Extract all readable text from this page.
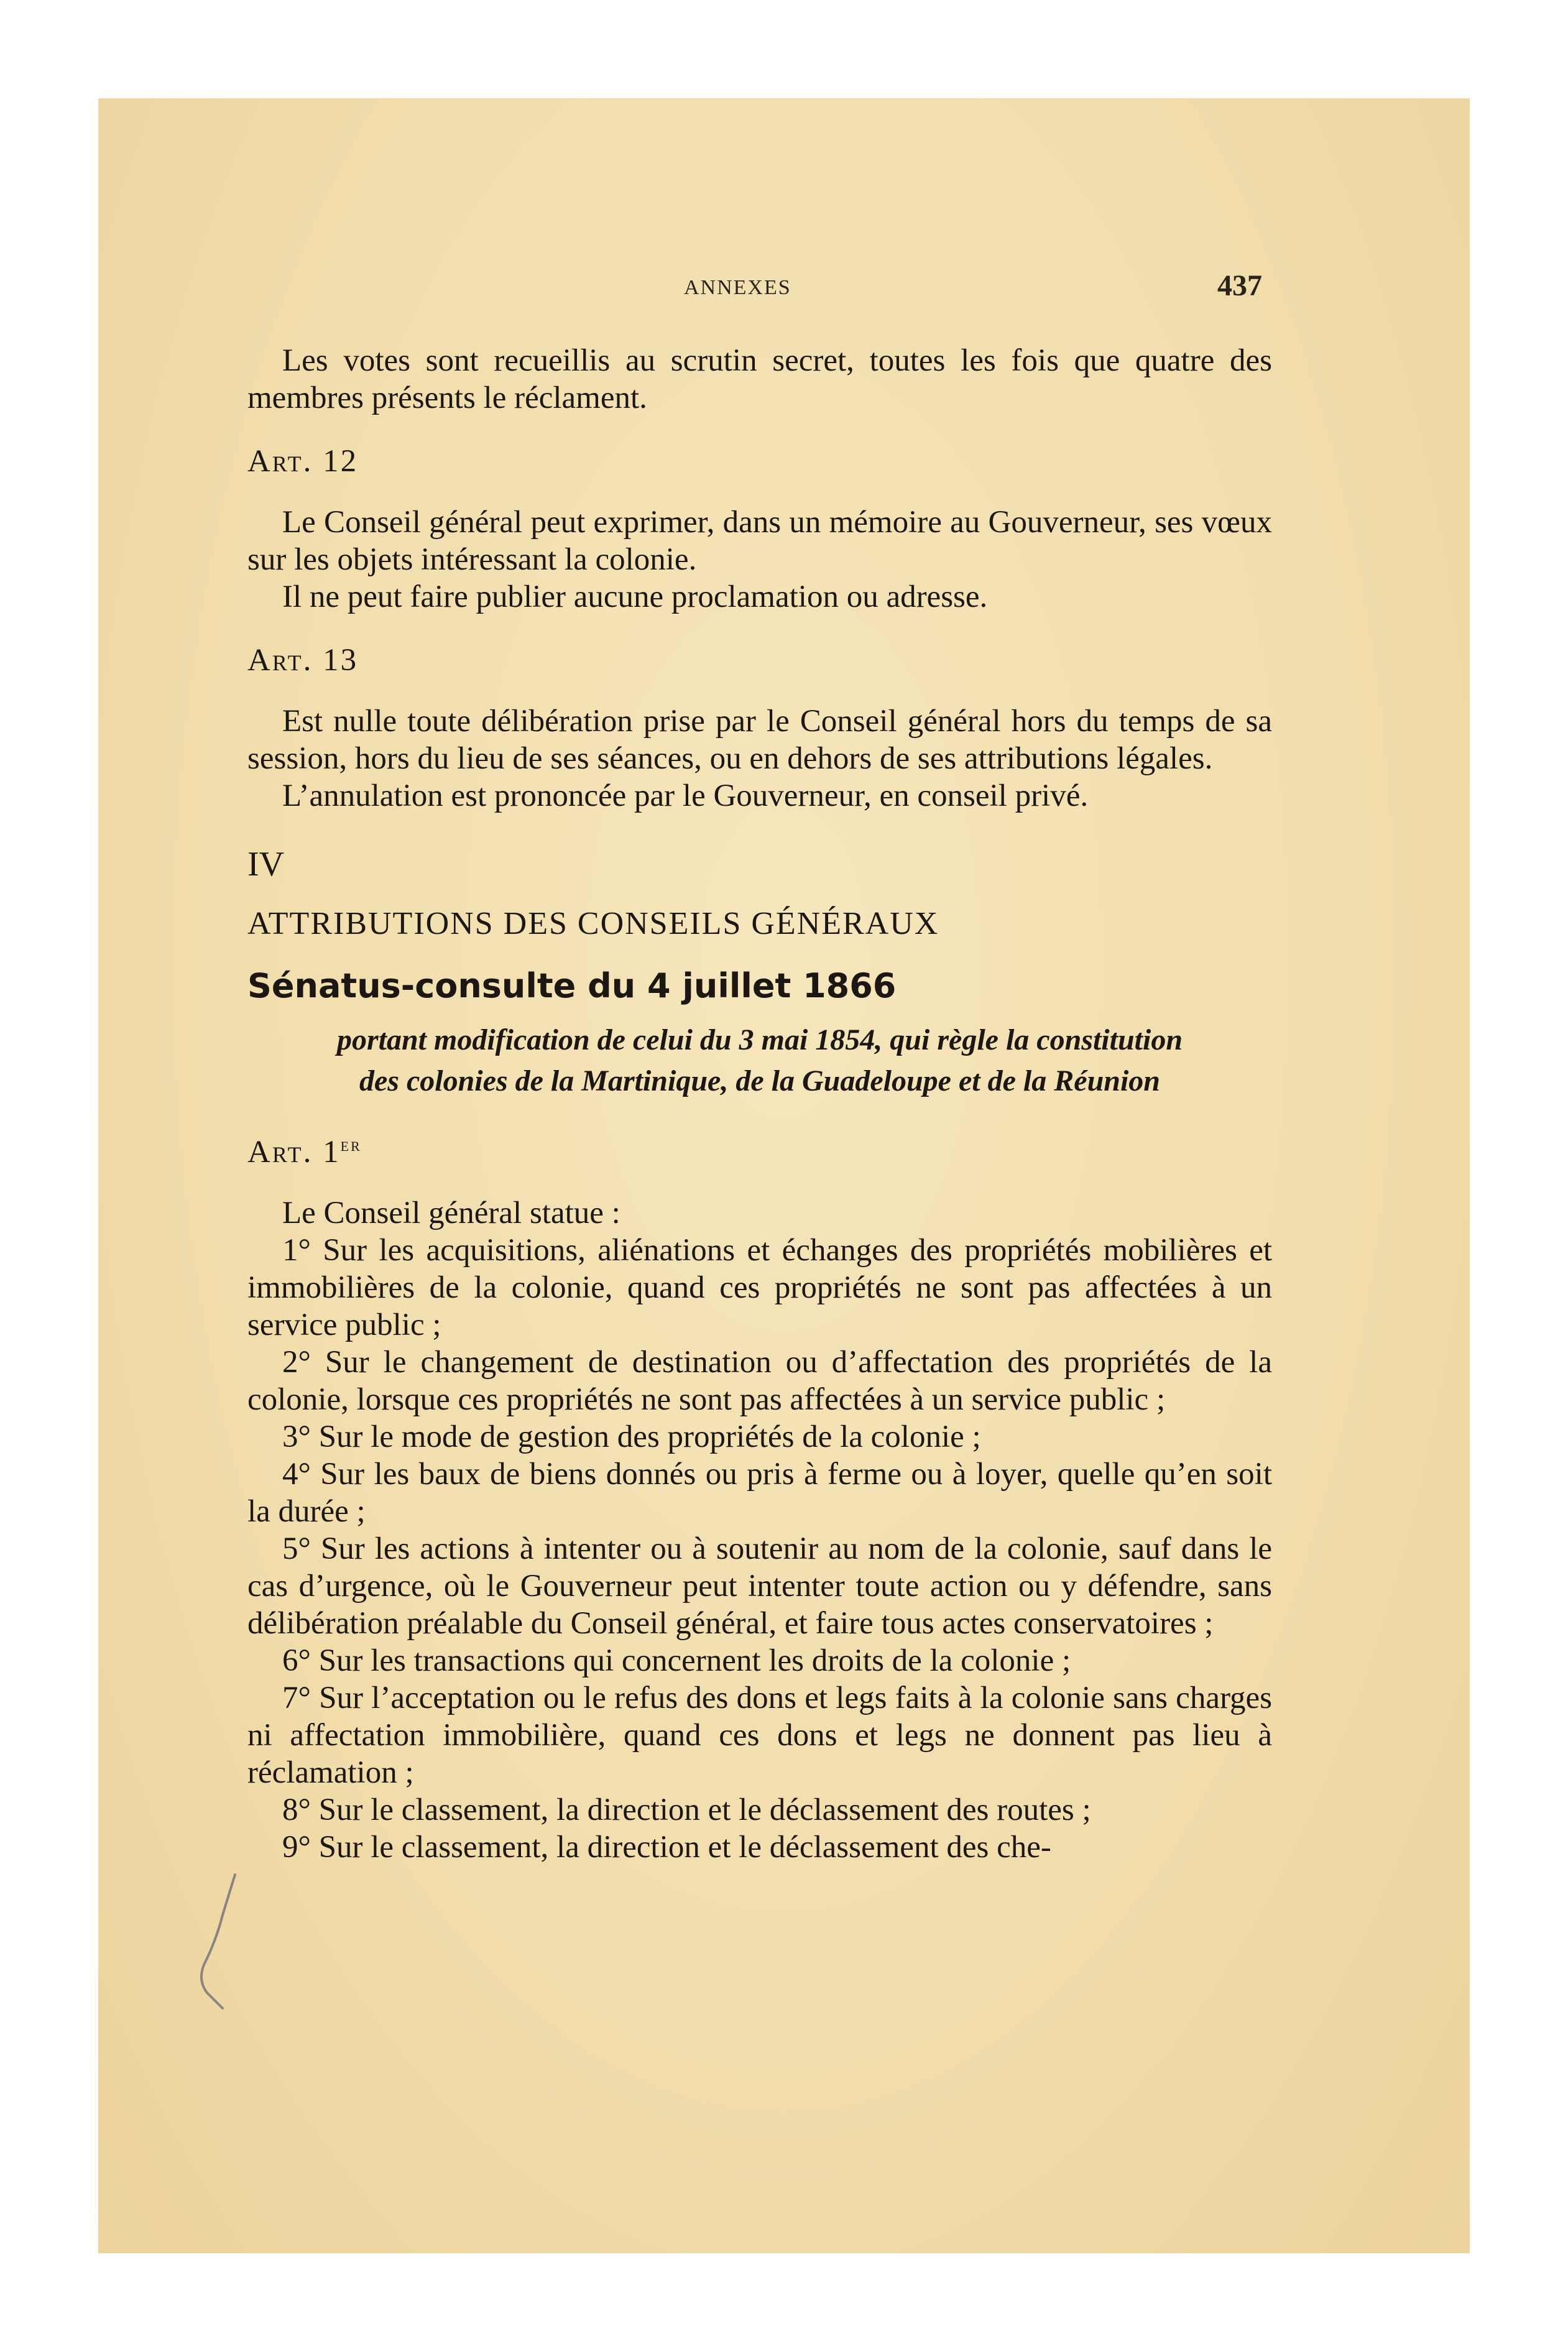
ANNEXES	437

Les votes sont recueillis au scrutin secret, toutes les fois que quatre des membres présents le réclament.

Art. 12

Le Conseil général peut exprimer, dans un mémoire au Gouverneur, ses vœux sur les objets intéressant la colonie.

Il ne peut faire publier aucune proclamation ou adresse.

Art. 13

Est nulle toute délibération prise par le Conseil général hors du temps de sa session, hors du lieu de ses séances, ou en dehors de ses attributions légales.

L’annulation est prononcée par le Gouverneur, en conseil privé.

IV

ATTRIBUTIONS DES CONSEILS GÉNÉRAUX

Sénatus-consulte du 4 juillet 1866

portant modification de celui du 3 mai 1854, qui règle la constitution

des colonies de la Martinique, de la Guadeloupe et de la Réunion

Art. 1er

Le Conseil général statue :

1° Sur les acquisitions, aliénations et échanges des propriétés mobilières et immobilières de la colonie, quand ces propriétés ne sont pas affectées à un service public ;

2° Sur le changement de destination ou d’affectation des propriétés de la colonie, lorsque ces propriétés ne sont pas affectées à un service public ;

3° Sur le mode de gestion des propriétés de la colonie ;

4° Sur les baux de biens donnés ou pris à ferme ou à loyer, quelle qu’en soit la durée ;

5° Sur les actions à intenter ou à soutenir au nom de la colonie, sauf dans le cas d’urgence, où le Gouverneur peut intenter toute action ou y défendre, sans délibération préalable du Conseil général, et faire tous actes conservatoires ;

6° Sur les transactions qui concernent les droits de la colonie ;

7° Sur l’acceptation ou le refus des dons et legs faits à la colonie sans charges ni affectation immobilière, quand ces dons et legs ne donnent pas lieu à réclamation ;

8° Sur le classement, la direction et le déclassement des routes ;

9° Sur le classement, la direction et le déclassement des che-
